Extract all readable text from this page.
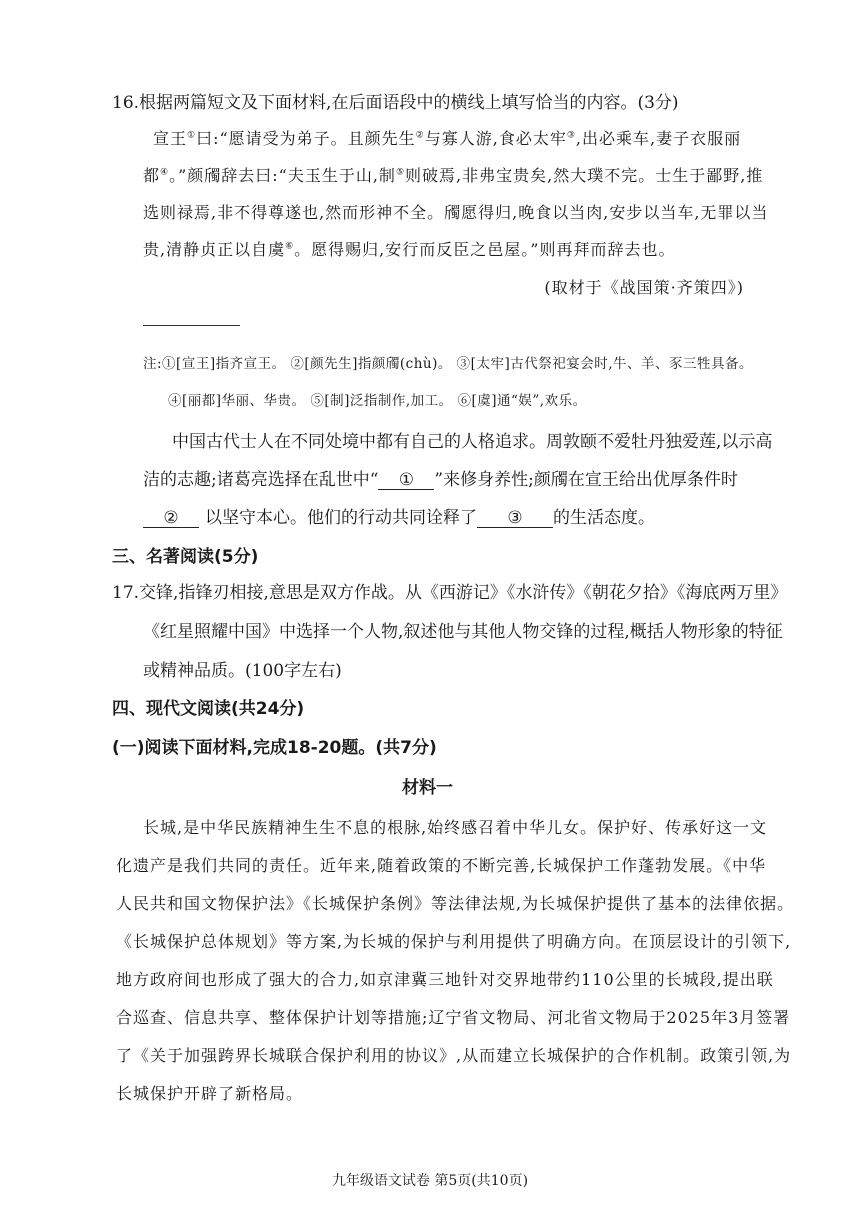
16.根据两篇短文及下面材料,在后面语段中的横线上填写恰当的内容。(3分)
宣王①曰:“愿请受为弟子。且颜先生②与寡人游,食必太牢③,出必乘车,妻子衣服丽
都④。”颜斶辞去曰:“夫玉生于山,制⑤则破焉,非弗宝贵矣,然大璞不完。士生于鄙野,推
选则禄焉,非不得尊遂也,然而形神不全。斶愿得归,晚食以当肉,安步以当车,无罪以当
贵,清静贞正以自虞⑥。愿得赐归,安行而反臣之邑屋。”则再拜而辞去也。
(取材于《战国策·齐策四》)
注:①[宣王]指齐宣王。 ②[颜先生]指颜斶(chù)。 ③[太牢]古代祭祀宴会时,牛、羊、豕三牲具备。
④[丽都]华丽、华贵。 ⑤[制]泛指制作,加工。 ⑥[虞]通“娱”,欢乐。
中国古代士人在不同处境中都有自己的人格追求。周敦颐不爱牡丹独爱莲,以示高
洁的志趣;诸葛亮选择在乱世中“ ① ”来修身养性;颜斶在宣王给出优厚条件时
② 以坚守本心。他们的行动共同诠释了 ③ 的生活态度。
三、名著阅读(5分)
17.交锋,指锋刃相接,意思是双方作战。从《西游记》《水浒传》《朝花夕拾》《海底两万里》
《红星照耀中国》中选择一个人物,叙述他与其他人物交锋的过程,概括人物形象的特征
或精神品质。(100字左右)
四、现代文阅读(共24分)
(一)阅读下面材料,完成18-20题。(共7分)
材料一
长城,是中华民族精神生生不息的根脉,始终感召着中华儿女。保护好、传承好这一文
化遗产是我们共同的责任。近年来,随着政策的不断完善,长城保护工作蓬勃发展。《中华
人民共和国文物保护法》《长城保护条例》等法律法规,为长城保护提供了基本的法律依据。
《长城保护总体规划》等方案,为长城的保护与利用提供了明确方向。在顶层设计的引领下,
地方政府间也形成了强大的合力,如京津冀三地针对交界地带约110公里的长城段,提出联
合巡查、信息共享、整体保护计划等措施;辽宁省文物局、河北省文物局于2025年3月签署
了《关于加强跨界长城联合保护利用的协议》,从而建立长城保护的合作机制。政策引领,为
长城保护开辟了新格局。
九年级语文试卷 第5页(共10页)
